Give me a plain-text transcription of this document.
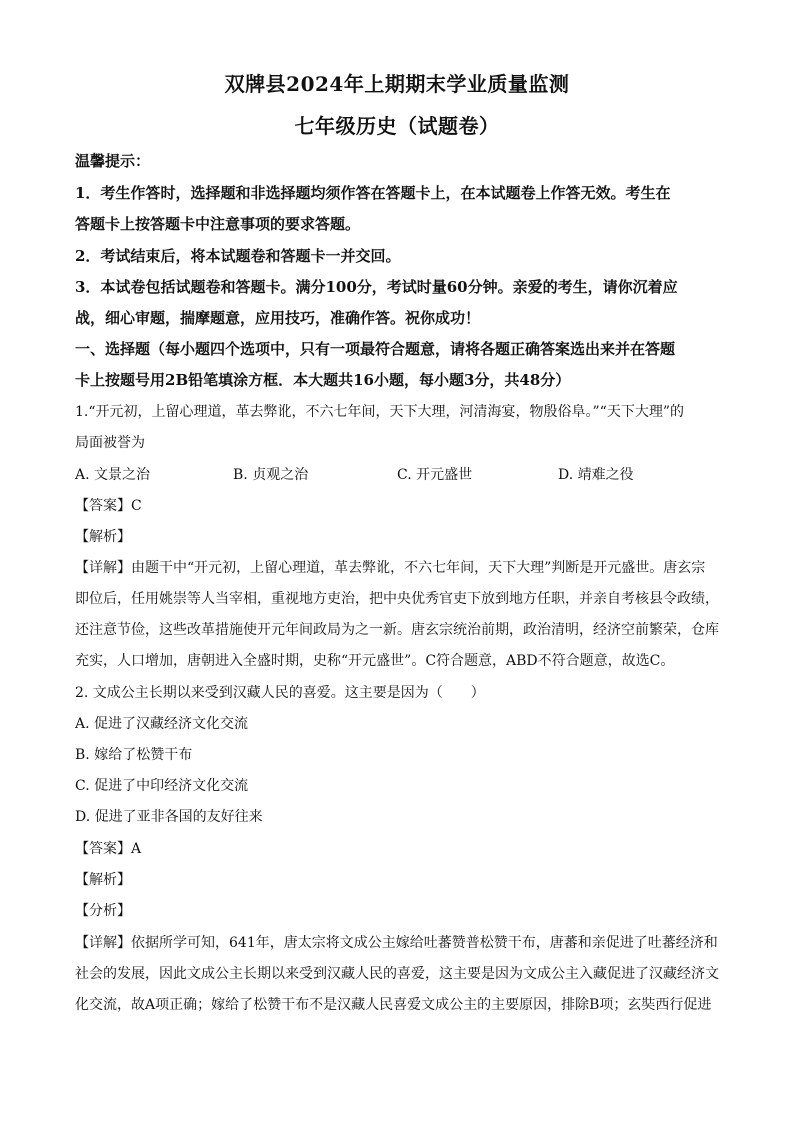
双牌县2024年上期期末学业质量监测
七年级历史（试题卷）
温馨提示：
1．考生作答时，选择题和非选择题均须作答在答题卡上，在本试题卷上作答无效。考生在
答题卡上按答题卡中注意事项的要求答题。
2．考试结束后，将本试题卷和答题卡一并交回。
3．本试卷包括试题卷和答题卡。满分100分，考试时量60分钟。亲爱的考生，请你沉着应
战，细心审题，揣摩题意，应用技巧，准确作答。祝你成功！
一、选择题（每小题四个选项中，只有一项最符合题意，请将各题正确答案选出来并在答题
卡上按题号用2B铅笔填涂方框．本大题共16小题，每小题3分，共48分）
1.“开元初，上留心理道，革去弊讹，不六七年间，天下大理，河清海宴，物殷俗阜。”“天下大理”的
局面被誉为
A. 文景之治	B. 贞观之治	C. 开元盛世	D. 靖难之役
【答案】C
【解析】
【详解】由题干中“开元初，上留心理道，革去弊讹，不六七年间，天下大理”判断是开元盛世。唐玄宗
即位后，任用姚崇等人当宰相，重视地方吏治，把中央优秀官吏下放到地方任职，并亲自考核县令政绩，
还注意节俭，这些改革措施使开元年间政局为之一新。唐玄宗统治前期，政治清明，经济空前繁荣，仓库
充实，人口增加，唐朝进入全盛时期，史称“开元盛世”。C符合题意，ABD不符合题意，故选C。
2. 文成公主长期以来受到汉藏人民的喜爱。这主要是因为（　　）
A. 促进了汉藏经济文化交流
B. 嫁给了松赞干布
C. 促进了中印经济文化交流
D. 促进了亚非各国的友好往来
【答案】A
【解析】
【分析】
【详解】依据所学可知，641年，唐太宗将文成公主嫁给吐蕃赞普松赞干布，唐蕃和亲促进了吐蕃经济和
社会的发展，因此文成公主长期以来受到汉藏人民的喜爱，这主要是因为文成公主入藏促进了汉藏经济文
化交流，故A项正确；嫁给了松赞干布不是汉藏人民喜爱文成公主的主要原因，排除B项；玄奘西行促进
